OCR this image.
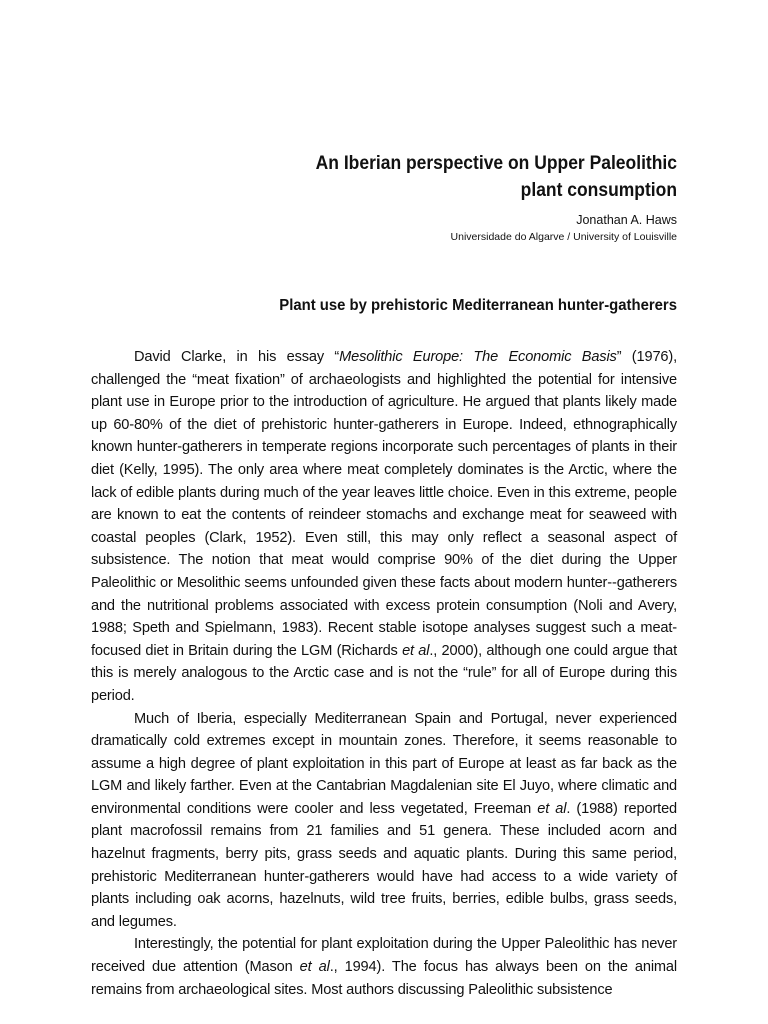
An Iberian perspective on Upper Paleolithic
plant consumption
Jonathan A. Haws
Universidade do Algarve / University of Louisville
Plant use by prehistoric Mediterranean hunter-gatherers

David Clarke, in his essay “Mesolithic Europe: The Economic Basis” (1976), challenged the “meat fixation” of archaeologists and highlighted the potential for intensive plant use in Europe prior to the introduction of agriculture. He argued that plants likely made up 60-80% of the diet of prehistoric hunter-gatherers in Europe. Indeed, ethnographically known hunter-gatherers in temperate regions incorporate such percentages of plants in their diet (Kelly, 1995). The only area where meat completely dominates is the Arctic, where the lack of edible plants during much of the year leaves little choice. Even in this extreme, people are known to eat the contents of reindeer stomachs and exchange meat for seaweed with coastal peoples (Clark, 1952). Even still, this may only reflect a seasonal aspect of subsistence. The notion that meat would comprise 90% of the diet during the Upper Paleolithic or Mesolithic seems unfounded given these facts about modern hunter--gatherers and the nutritional problems associated with excess protein consumption (Noli and Avery, 1988; Speth and Spielmann, 1983). Recent stable isotope analyses suggest such a meat-focused diet in Britain during the LGM (Richards et al., 2000), although one could argue that this is merely analogous to the Arctic case and is not the “rule” for all of Europe during this period.

Much of Iberia, especially Mediterranean Spain and Portugal, never experienced dramatically cold extremes except in mountain zones. Therefore, it seems reasonable to assume a high degree of plant exploitation in this part of Europe at least as far back as the LGM and likely farther. Even at the Cantabrian Magdalenian site El Juyo, where climatic and environmental conditions were cooler and less vegetated, Freeman et al. (1988) reported plant macrofossil remains from 21 families and 51 genera. These included acorn and hazelnut fragments, berry pits, grass seeds and aquatic plants. During this same period, prehistoric Mediterranean hunter-gatherers would have had access to a wide variety of plants including oak acorns, hazelnuts, wild tree fruits, berries, edible bulbs, grass seeds, and legumes.

Interestingly, the potential for plant exploitation during the Upper Paleolithic has never received due attention (Mason et al., 1994). The focus has always been on the animal remains from archaeological sites. Most authors discussing Paleolithic subsistence
